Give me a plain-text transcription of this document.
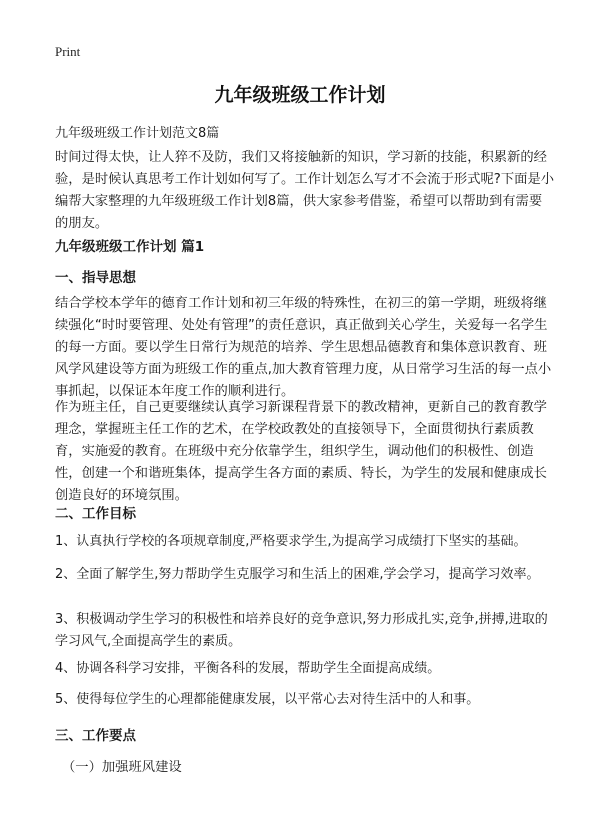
Print
九年级班级工作计划
九年级班级工作计划范文8篇

时间过得太快，让人猝不及防，我们又将接触新的知识，学习新的技能，积累新的经验，是时候认真思考工作计划如何写了。工作计划怎么写才不会流于形式呢?下面是小编帮大家整理的九年级班级工作计划8篇，供大家参考借鉴，希望可以帮助到有需要的朋友。

九年级班级工作计划 篇1
一、指导思想

结合学校本学年的德育工作计划和初三年级的特殊性，在初三的第一学期，班级将继续强化“时时要管理、处处有管理”的责任意识，真正做到关心学生，关爱每一名学生的每一方面。要以学生日常行为规范的培养、学生思想品德教育和集体意识教育、班风学风建设等方面为班级工作的重点,加大教育管理力度，从日常学习生活的每一点小事抓起，以保证本年度工作的顺利进行。

作为班主任，自己更要继续认真学习新课程背景下的教改精神，更新自己的教育教学理念，掌握班主任工作的艺术，在学校政教处的直接领导下，全面贯彻执行素质教育，实施爱的教育。在班级中充分依靠学生，组织学生，调动他们的积极性、创造性，创建一个和谐班集体，提高学生各方面的素质、特长，为学生的发展和健康成长创造良好的环境氛围。

二、工作目标

1、认真执行学校的各项规章制度,严格要求学生,为提高学习成绩打下坚实的基础。

2、全面了解学生,努力帮助学生克服学习和生活上的困难,学会学习，提高学习效率。

3、积极调动学生学习的积极性和培养良好的竞争意识,努力形成扎实,竞争,拼搏,进取的学习风气,全面提高学生的素质。

4、协调各科学习安排，平衡各科的发展，帮助学生全面提高成绩。

5、使得每位学生的心理都能健康发展，以平常心去对待生活中的人和事。

三、工作要点
（一）加强班风建设
